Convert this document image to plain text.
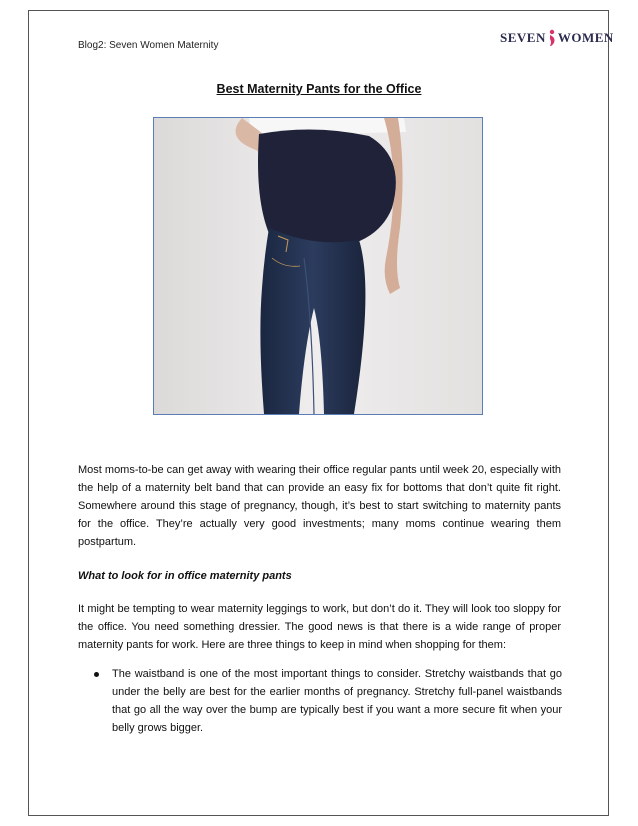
Blog2: Seven Women Maternity
SEVEN WOMEN
Best Maternity Pants for the Office

Most moms-to-be can get away with wearing their office regular pants until week 20, especially with the help of a maternity belt band that can provide an easy fix for bottoms that don’t quite fit right. Somewhere around this stage of pregnancy, though, it’s best to start switching to maternity pants for the office. They’re actually very good investments; many moms continue wearing them postpartum.

What to look for in office maternity pants

It might be tempting to wear maternity leggings to work, but don’t do it. They will look too sloppy for the office. You need something dressier. The good news is that there is a wide range of proper maternity pants for work. Here are three things to keep in mind when shopping for them:

The waistband is one of the most important things to consider. Stretchy waistbands that go under the belly are best for the earlier months of pregnancy. Stretchy full-panel waistbands that go all the way over the bump are typically best if you want a more secure fit when your belly grows bigger.
